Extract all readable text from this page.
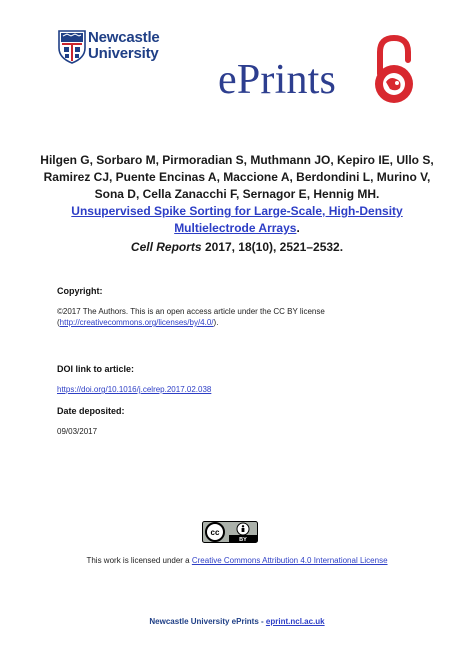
Newcastle
University
ePrints
Hilgen G, Sorbaro M, Pirmoradian S, Muthmann JO, Kepiro IE, Ullo S, Ramirez CJ, Puente Encinas A, Maccione A, Berdondini L, Murino V, Sona D, Cella Zanacchi F, Sernagor E, Hennig MH.
Unsupervised Spike Sorting for Large-Scale, High-Density Multielectrode Arrays.
Cell Reports 2017, 18(10), 2521–2532.
Copyright:
©2017 The Authors. This is an open access article under the CC BY license
(http://creativecommons.org/licenses/by/4.0/).
DOI link to article:
https://doi.org/10.1016/j.celrep.2017.02.038
Date deposited:
09/03/2017
cc
BY
This work is licensed under a Creative Commons Attribution 4.0 International License
Newcastle University ePrints - eprint.ncl.ac.uk
